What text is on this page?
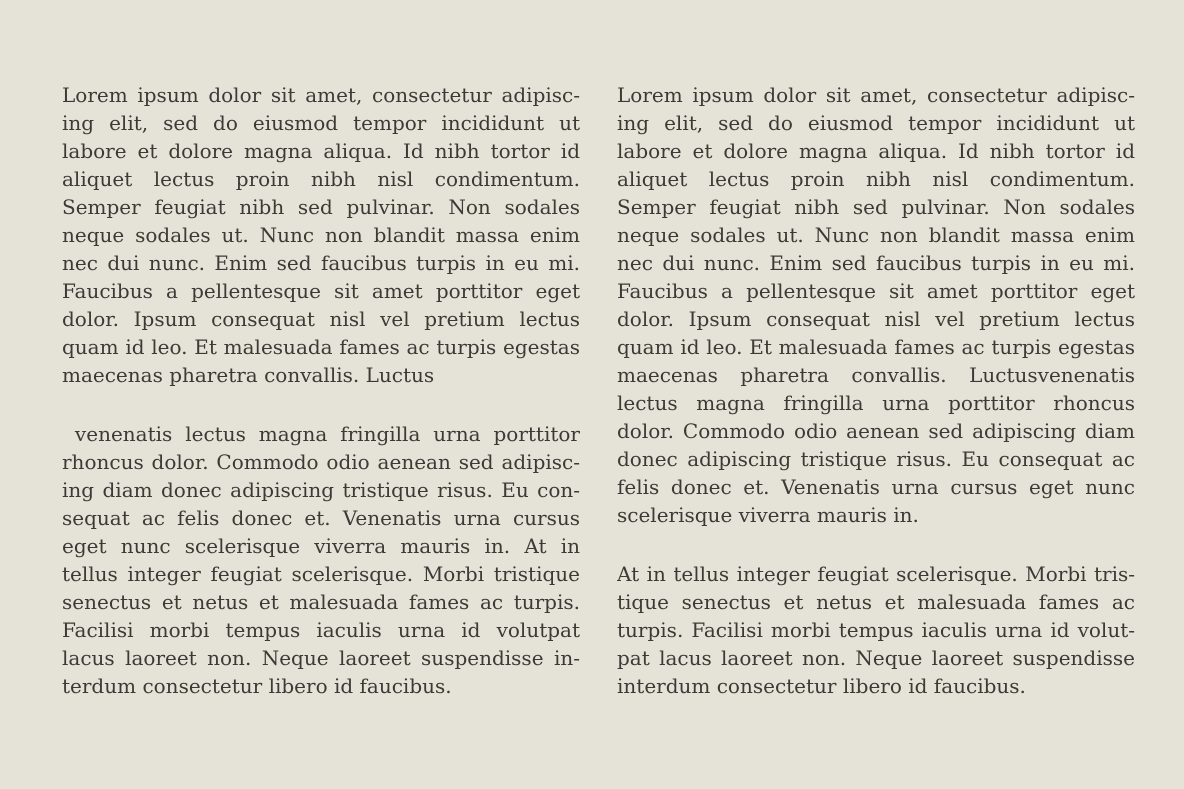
Lorem ipsum dolor sit amet, consectetur adipisc-
ing elit, sed do eiusmod tempor incididunt ut
labore et dolore magna aliqua. Id nibh tortor id
aliquet lectus proin nibh nisl condimentum.
Semper feugiat nibh sed pulvinar. Non sodales
neque sodales ut. Nunc non blandit massa enim
nec dui nunc. Enim sed faucibus turpis in eu mi.
Faucibus a pellentesque sit amet porttitor eget
dolor. Ipsum consequat nisl vel pretium lectus
quam id leo. Et malesuada fames ac turpis egestas
maecenas pharetra convallis. Luctus
venenatis lectus magna fringilla urna porttitor
rhoncus dolor. Commodo odio aenean sed adipisc-
ing diam donec adipiscing tristique risus. Eu con-
sequat ac felis donec et. Venenatis urna cursus
eget nunc scelerisque viverra mauris in. At in
tellus integer feugiat scelerisque. Morbi tristique
senectus et netus et malesuada fames ac turpis.
Facilisi morbi tempus iaculis urna id volutpat
lacus laoreet non. Neque laoreet suspendisse in-
terdum consectetur libero id faucibus.
Lorem ipsum dolor sit amet, consectetur adipisc-
ing elit, sed do eiusmod tempor incididunt ut
labore et dolore magna aliqua. Id nibh tortor id
aliquet lectus proin nibh nisl condimentum.
Semper feugiat nibh sed pulvinar. Non sodales
neque sodales ut. Nunc non blandit massa enim
nec dui nunc. Enim sed faucibus turpis in eu mi.
Faucibus a pellentesque sit amet porttitor eget
dolor. Ipsum consequat nisl vel pretium lectus
quam id leo. Et malesuada fames ac turpis egestas
maecenas pharetra convallis. Luctusvenenatis
lectus magna fringilla urna porttitor rhoncus
dolor. Commodo odio aenean sed adipiscing diam
donec adipiscing tristique risus. Eu consequat ac
felis donec et. Venenatis urna cursus eget nunc
scelerisque viverra mauris in.
At in tellus integer feugiat scelerisque. Morbi tris-
tique senectus et netus et malesuada fames ac
turpis. Facilisi morbi tempus iaculis urna id volut-
pat lacus laoreet non. Neque laoreet suspendisse
interdum consectetur libero id faucibus.
